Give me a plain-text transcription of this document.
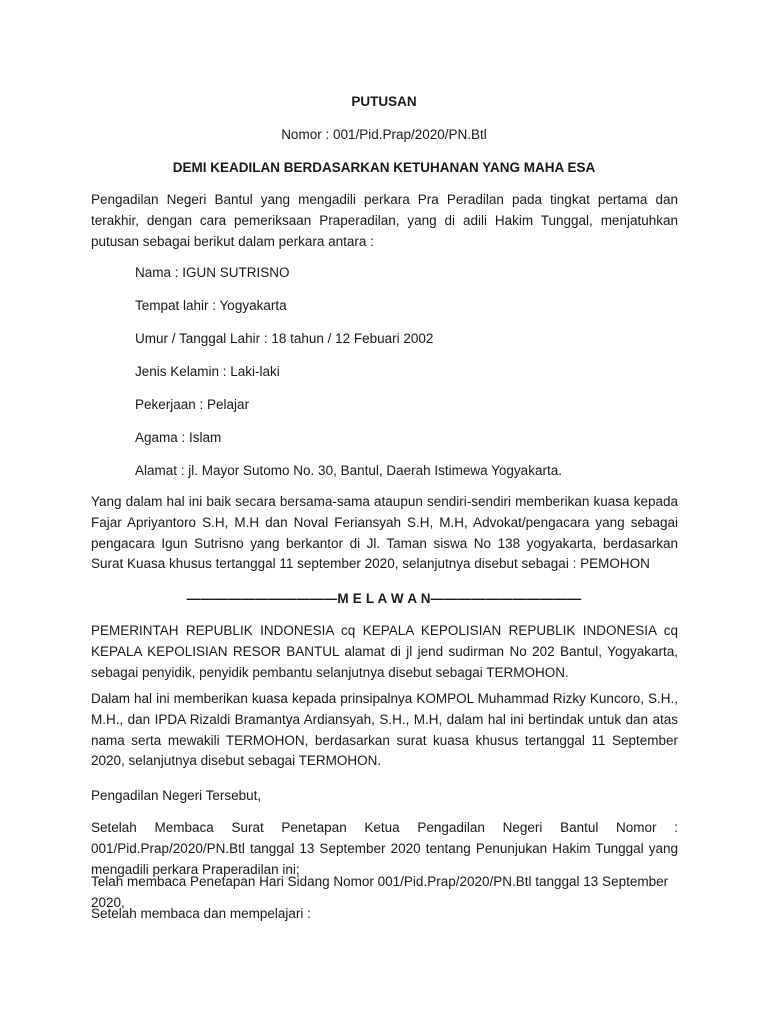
PUTUSAN
Nomor : 001/Pid.Prap/2020/PN.Btl
DEMI KEADILAN BERDASARKAN KETUHANAN YANG MAHA ESA
Pengadilan Negeri Bantul yang mengadili perkara Pra Peradilan pada tingkat pertama dan terakhir, dengan cara pemeriksaan Praperadilan, yang di adili Hakim Tunggal, menjatuhkan putusan sebagai berikut dalam perkara antara :
Nama : IGUN SUTRISNO
Tempat lahir : Yogyakarta
Umur / Tanggal Lahir : 18 tahun / 12 Febuari 2002
Jenis Kelamin : Laki-laki
Pekerjaan : Pelajar
Agama : Islam
Alamat : jl. Mayor Sutomo No. 30, Bantul, Daerah Istimewa Yogyakarta.
Yang dalam hal ini baik secara bersama-sama ataupun sendiri-sendiri memberikan kuasa kepada Fajar Apriyantoro S.H, M.H dan Noval Feriansyah S.H, M.H, Advokat/pengacara yang sebagai pengacara Igun Sutrisno yang berkantor di Jl. Taman siswa No 138 yogyakarta, berdasarkan Surat Kuasa khusus tertanggal 11 september 2020, selanjutnya disebut sebagai : PEMOHON
———————————M E L A W A N———————————
PEMERINTAH REPUBLIK INDONESIA cq KEPALA KEPOLISIAN REPUBLIK INDONESIA cq KEPALA KEPOLISIAN RESOR BANTUL alamat di jl jend sudirman No 202 Bantul, Yogyakarta, sebagai penyidik, penyidik pembantu selanjutnya disebut sebagai TERMOHON.
Dalam hal ini memberikan kuasa kepada prinsipalnya KOMPOL Muhammad Rizky Kuncoro, S.H., M.H., dan IPDA Rizaldi Bramantya Ardiansyah, S.H., M.H, dalam hal ini bertindak untuk dan atas nama serta mewakili TERMOHON, berdasarkan surat kuasa khusus tertanggal 11 September 2020, selanjutnya disebut sebagai TERMOHON.
Pengadilan Negeri Tersebut,
Setelah Membaca Surat Penetapan Ketua Pengadilan Negeri Bantul Nomor : 001/Pid.Prap/2020/PN.Btl tanggal 13 September 2020 tentang Penunjukan Hakim Tunggal yang mengadili perkara Praperadilan ini;
Telah membaca Penetapan Hari Sidang Nomor 001/Pid.Prap/2020/PN.Btl tanggal 13 September 2020,
Setelah membaca dan mempelajari :
